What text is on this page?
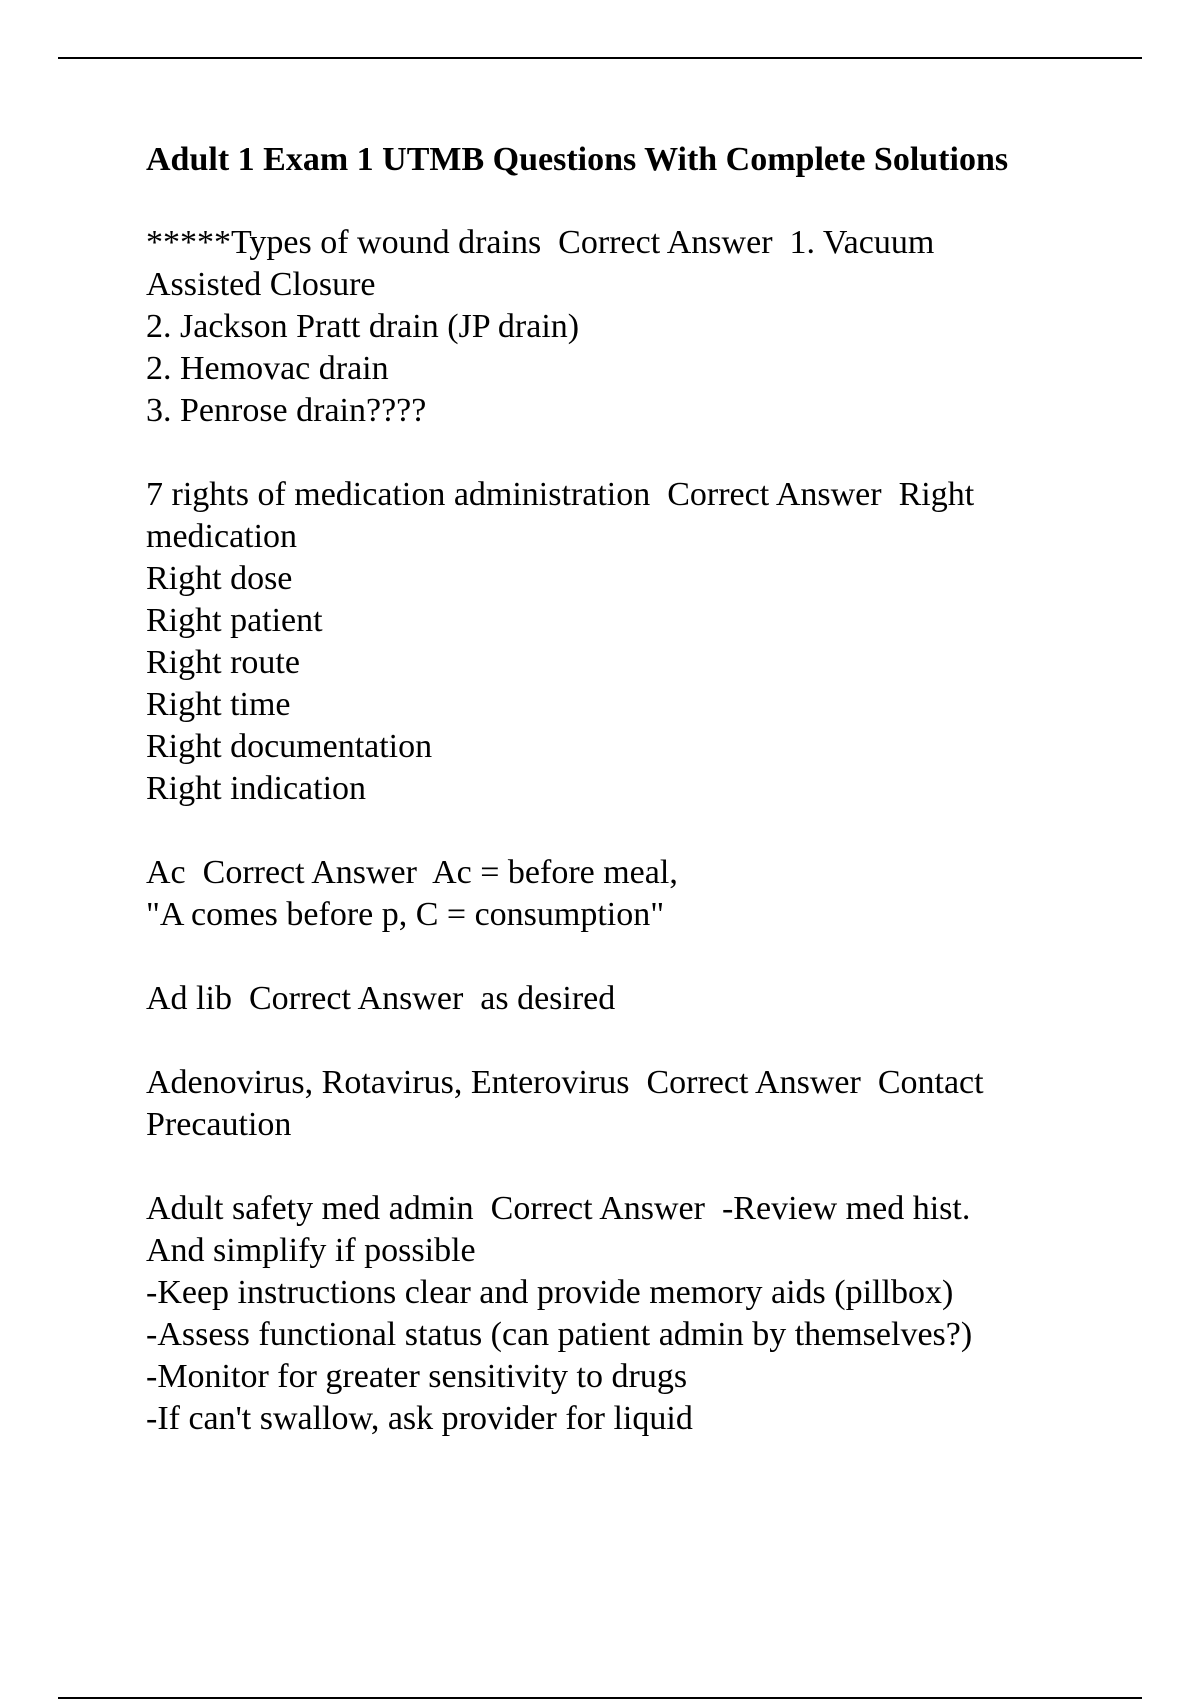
Adult 1 Exam 1 UTMB Questions With Complete Solutions
*****Types of wound drains  Correct Answer  1. Vacuum
Assisted Closure
2. Jackson Pratt drain (JP drain)
2. Hemovac drain
3. Penrose drain????
7 rights of medication administration  Correct Answer  Right
medication
Right dose
Right patient
Right route
Right time
Right documentation
Right indication
Ac  Correct Answer  Ac = before meal,
"A comes before p, C = consumption"
Ad lib  Correct Answer  as desired
Adenovirus, Rotavirus, Enterovirus  Correct Answer  Contact
Precaution
Adult safety med admin  Correct Answer  -Review med hist.
And simplify if possible
-Keep instructions clear and provide memory aids (pillbox)
-Assess functional status (can patient admin by themselves?)
-Monitor for greater sensitivity to drugs
-If can't swallow, ask provider for liquid
